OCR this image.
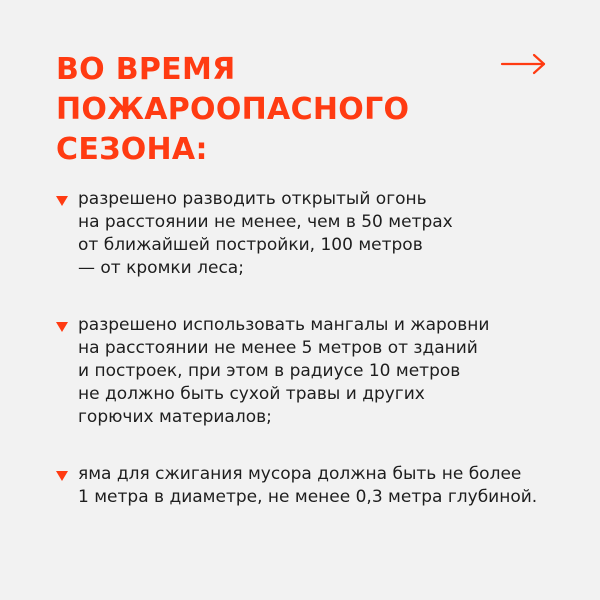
ВО ВРЕМЯ
ПОЖАРООПАСНОГО
СЕЗОНА:
разрешено разводить открытый огонь
на расстоянии не менее, чем в 50 метрах
от ближайшей постройки, 100 метров
— от кромки леса;
разрешено использовать мангалы и жаровни
на расстоянии не менее 5 метров от зданий
и построек, при этом в радиусе 10 метров
не должно быть сухой травы и других
горючих материалов;
яма для сжигания мусора должна быть не более
1 метра в диаметре, не менее 0,3 метра глубиной.
